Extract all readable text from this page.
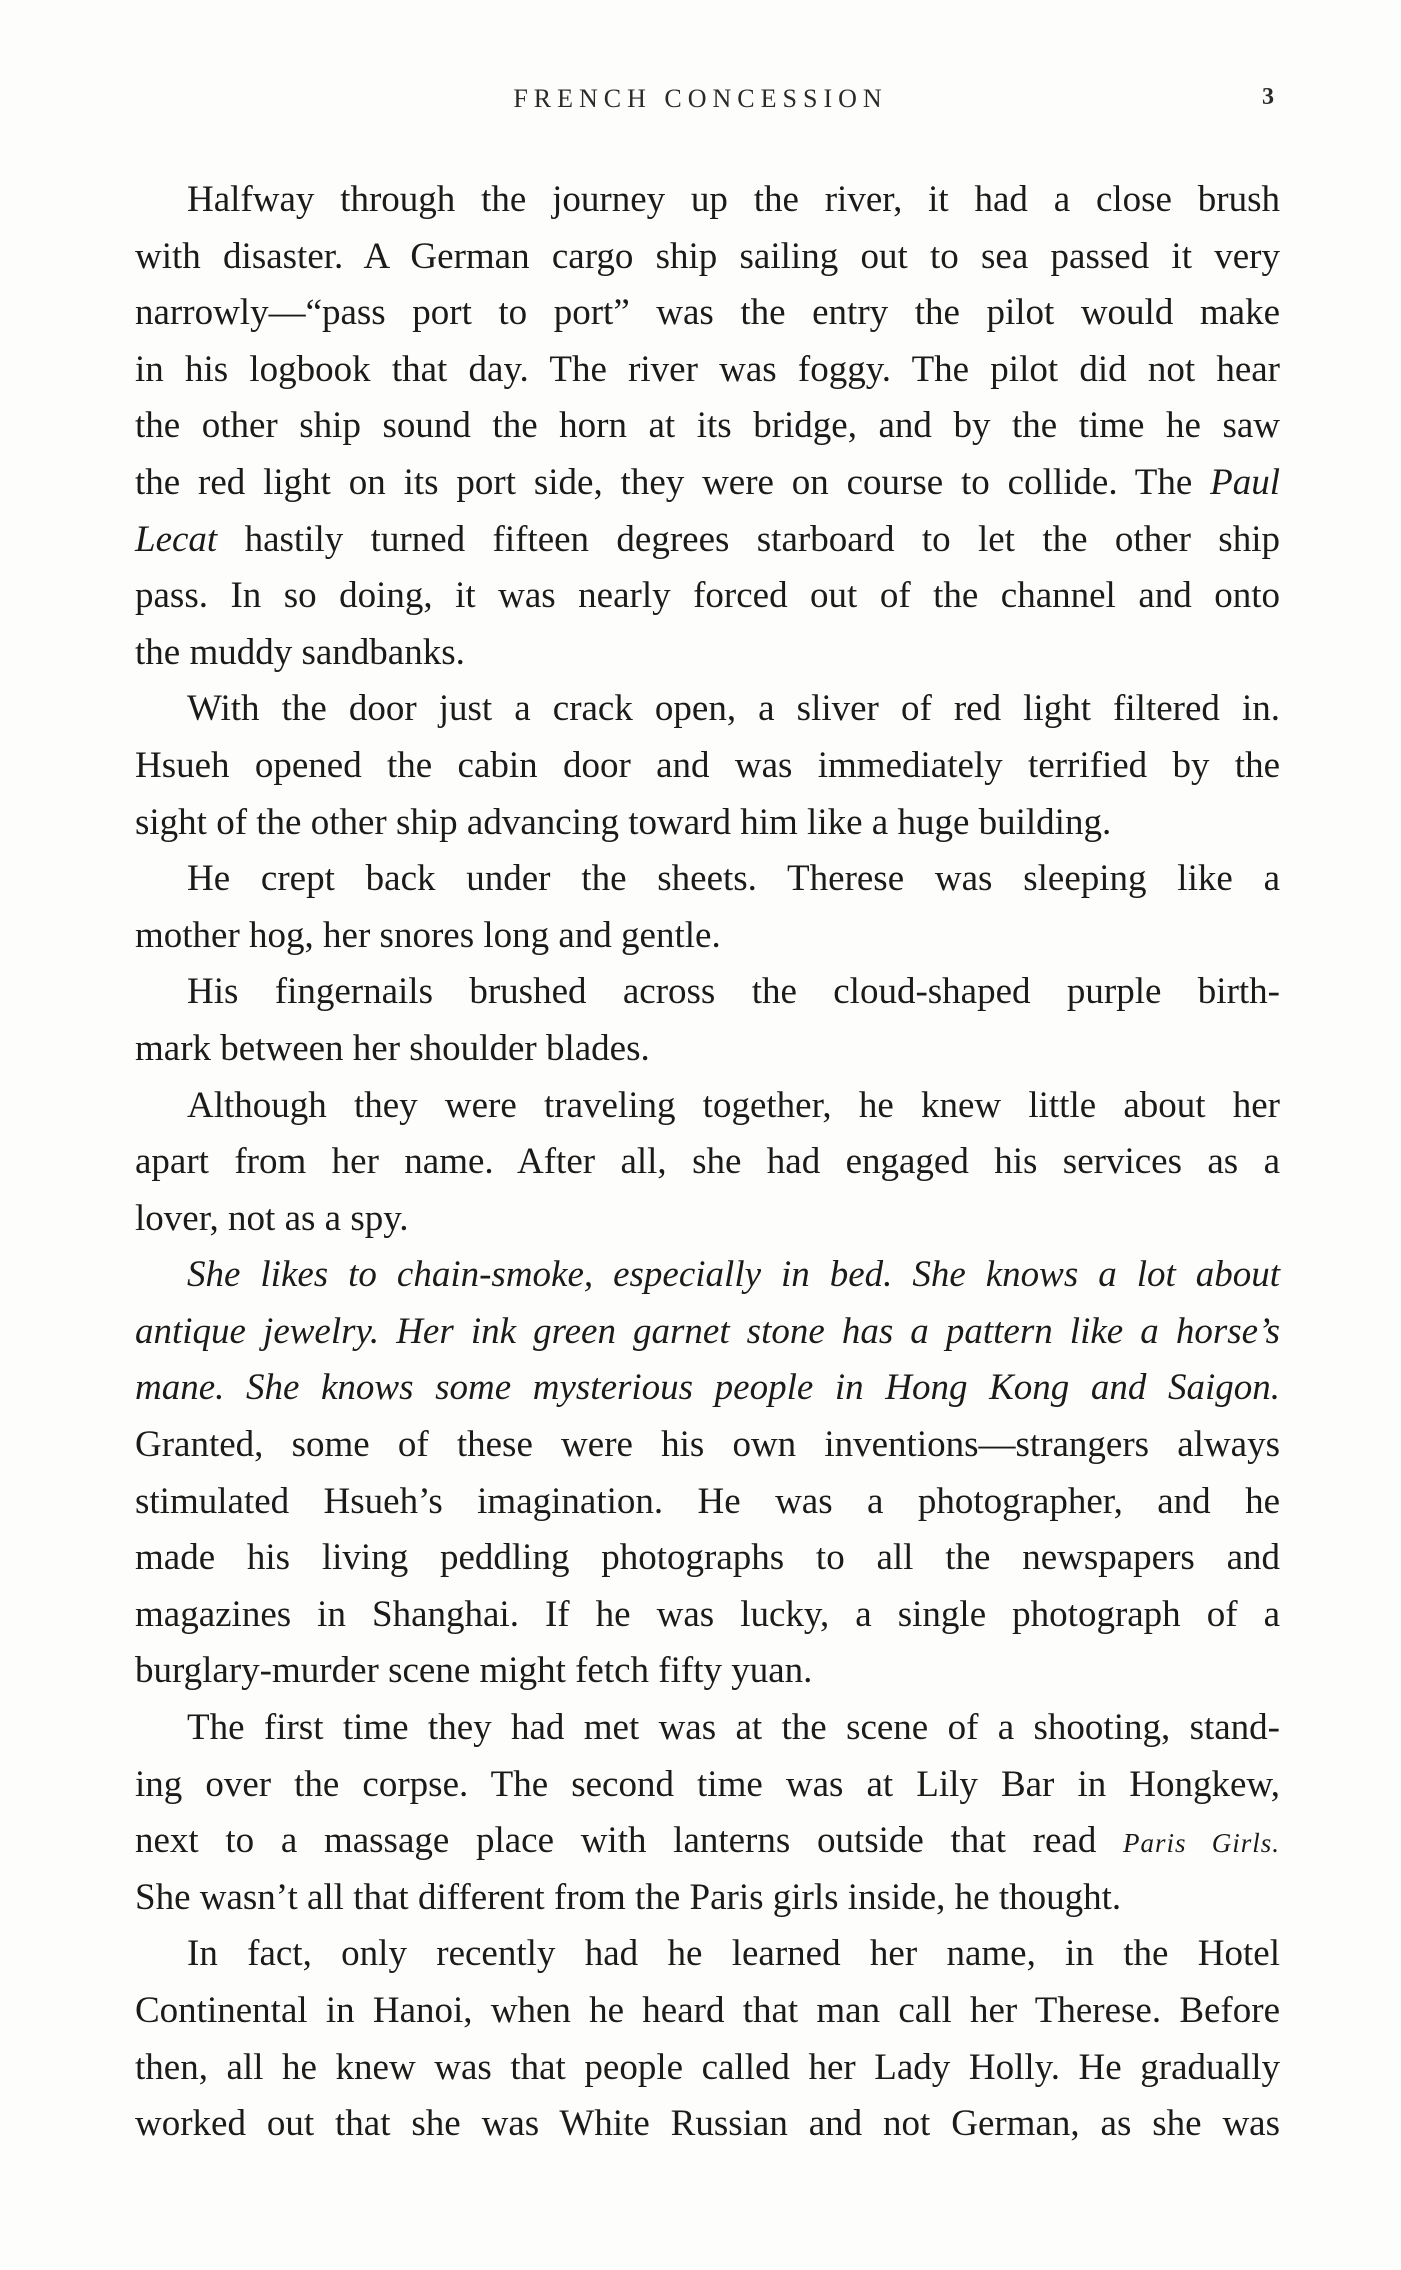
FRENCH CONCESSION	3
Halfway through the journey up the river, it had a close brush
with disaster. A German cargo ship sailing out to sea passed it very
narrowly—“pass port to port” was the entry the pilot would make
in his logbook that day. The river was foggy. The pilot did not hear
the other ship sound the horn at its bridge, and by the time he saw
the red light on its port side, they were on course to collide. The Paul
Lecat hastily turned fifteen degrees starboard to let the other ship
pass. In so doing, it was nearly forced out of the channel and onto
the muddy sandbanks.
With the door just a crack open, a sliver of red light filtered in.
Hsueh opened the cabin door and was immediately terrified by the
sight of the other ship advancing toward him like a huge building.
He crept back under the sheets. Therese was sleeping like a
mother hog, her snores long and gentle.
His fingernails brushed across the cloud-shaped purple birth-
mark between her shoulder blades.
Although they were traveling together, he knew little about her
apart from her name. After all, she had engaged his services as a
lover, not as a spy.
She likes to chain-smoke, especially in bed. She knows a lot about
antique jewelry. Her ink green garnet stone has a pattern like a horse’s
mane. She knows some mysterious people in Hong Kong and Saigon.
Granted, some of these were his own inventions—strangers always
stimulated Hsueh’s imagination. He was a photographer, and he
made his living peddling photographs to all the newspapers and
magazines in Shanghai. If he was lucky, a single photograph of a
burglary-murder scene might fetch fifty yuan.
The first time they had met was at the scene of a shooting, stand-
ing over the corpse. The second time was at Lily Bar in Hongkew,
next to a massage place with lanterns outside that read Paris Girls.
She wasn’t all that different from the Paris girls inside, he thought.
In fact, only recently had he learned her name, in the Hotel
Continental in Hanoi, when he heard that man call her Therese. Before
then, all he knew was that people called her Lady Holly. He gradually
worked out that she was White Russian and not German, as she was
